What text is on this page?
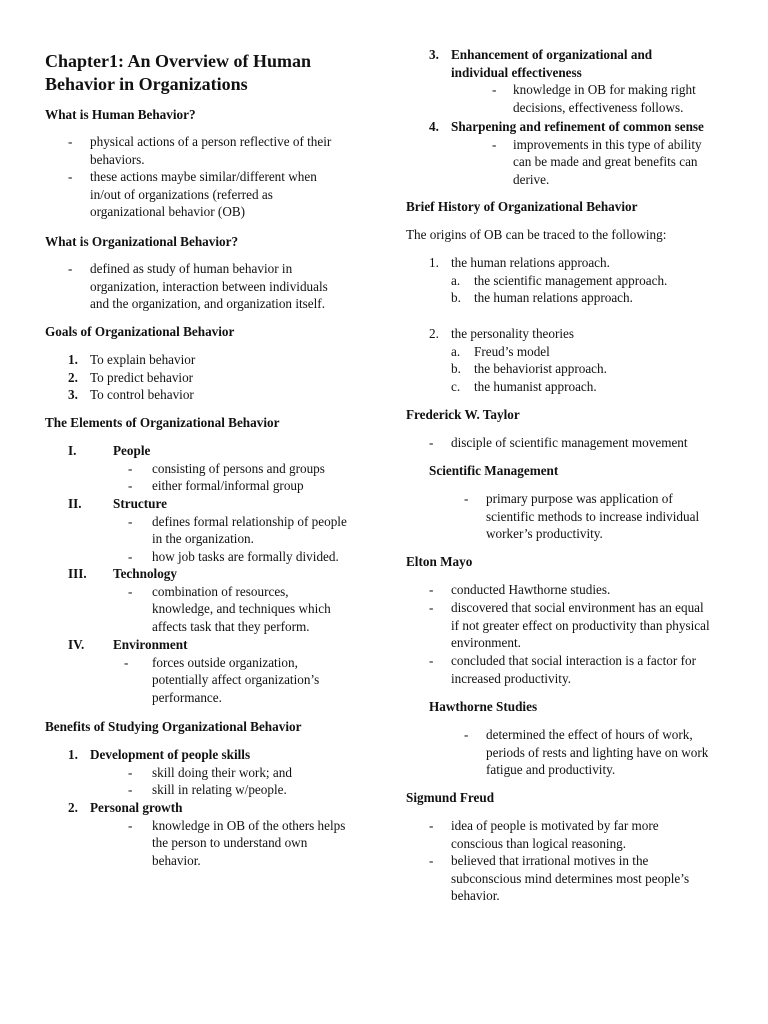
Chapter1: An Overview of Human
Behavior in Organizations
What is Human Behavior?
- physical actions of a person reflective of their
behaviors.
- these actions maybe similar/different when
in/out of organizations (referred as
organizational behavior (OB)
What is Organizational Behavior?
- defined as study of human behavior in
organization, interaction between individuals
and the organization, and organization itself.
Goals of Organizational Behavior
1. To explain behavior
2. To predict behavior
3. To control behavior
The Elements of Organizational Behavior
I.	People
- consisting of persons and groups
- either formal/informal group
II. Structure
- defines formal relationship of people
in the organization.
- how job tasks are formally divided.
III. Technology
- combination of resources,
knowledge, and techniques which
affects task that they perform.
IV. Environment
- forces outside organization,
potentially affect organization’s
performance.
Benefits of Studying Organizational Behavior
1. Development of people skills
- skill doing their work; and
- skill in relating w/people.
2. Personal growth
- knowledge in OB of the others helps
the person to understand own
behavior.
3. Enhancement of organizational and
individual effectiveness
- knowledge in OB for making right
decisions, effectiveness follows.
4. Sharpening and refinement of common sense
- improvements in this type of ability
can be made and great benefits can
derive.
Brief History of Organizational Behavior
The origins of OB can be traced to the following:
1. the human relations approach.
a. the scientific management approach.
b. the human relations approach.
2. the personality theories
a. Freud’s model
b. the behaviorist approach.
c. the humanist approach.
Frederick W. Taylor
- disciple of scientific management movement
Scientific Management
- primary purpose was application of
scientific methods to increase individual
worker’s productivity.
Elton Mayo
- conducted Hawthorne studies.
- discovered that social environment has an equal
if not greater effect on productivity than physical
environment.
- concluded that social interaction is a factor for
increased productivity.
Hawthorne Studies
- determined the effect of hours of work,
periods of rests and lighting have on work
fatigue and productivity.
Sigmund Freud
- idea of people is motivated by far more
conscious than logical reasoning.
- believed that irrational motives in the
subconscious mind determines most people’s
behavior.
